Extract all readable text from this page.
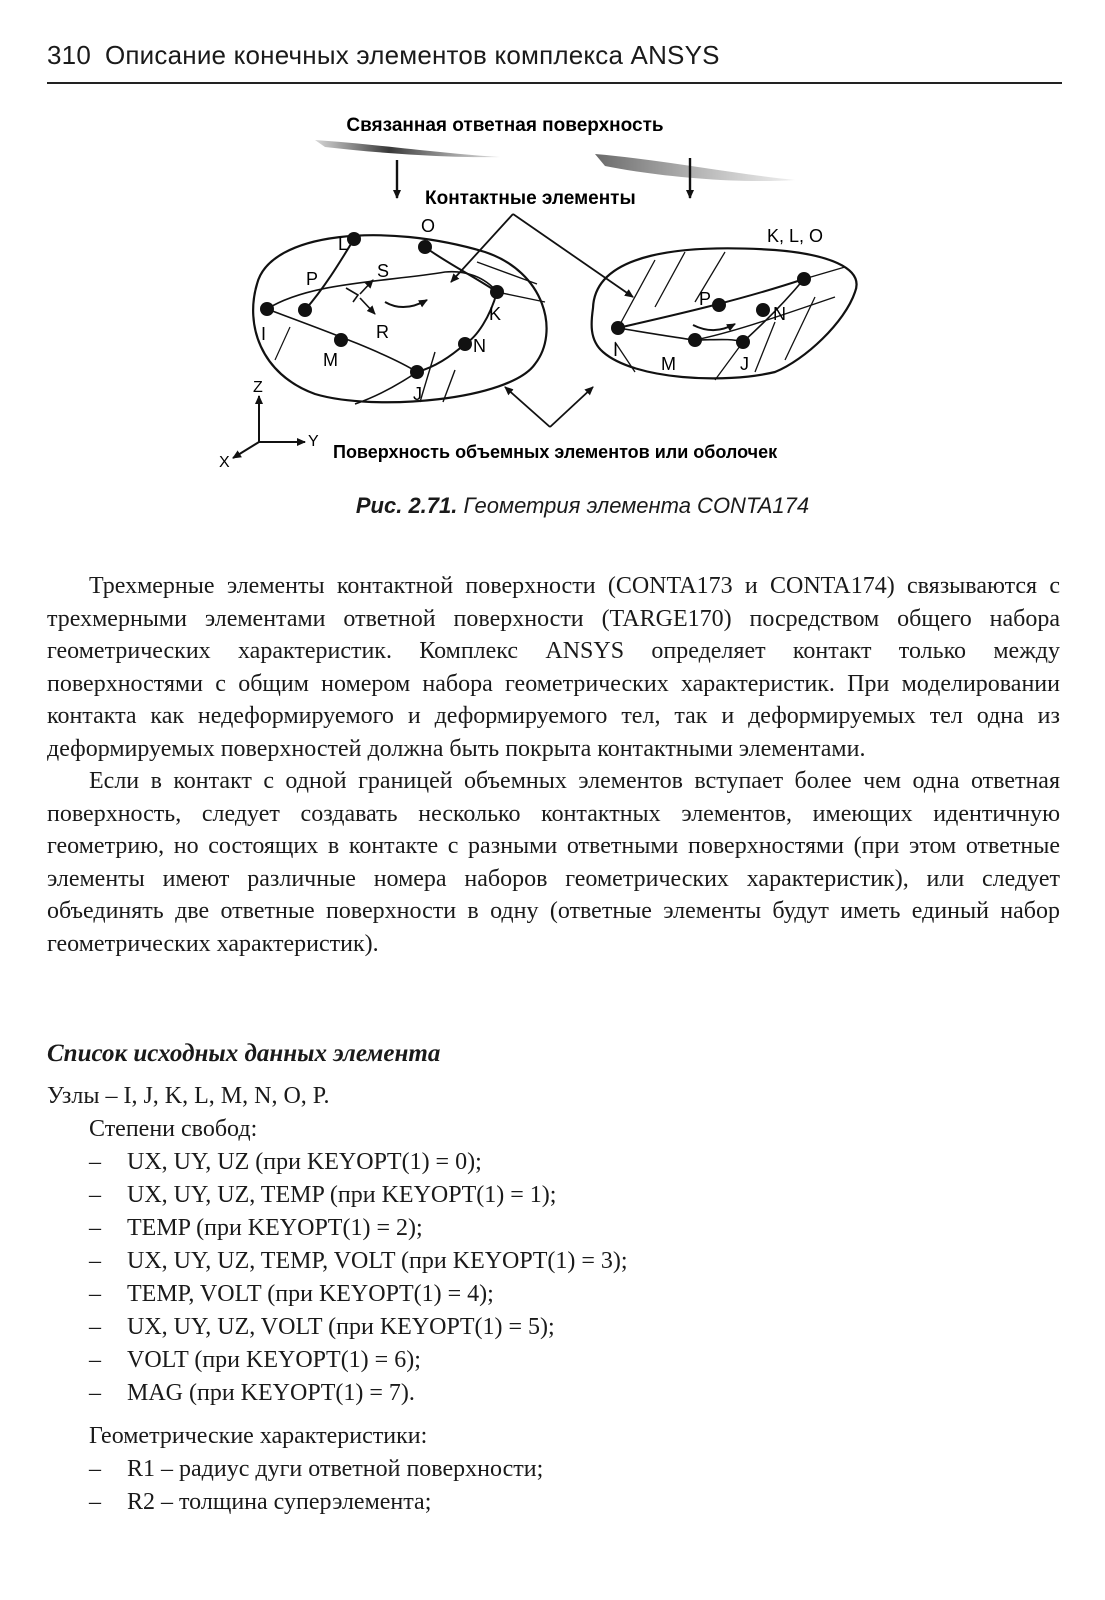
310 Описание конечных элементов комплекса ANSYS
Связанная ответная поверхность
Контактные элементы
I
L
O
P	S
R
M
K
N
J
K, L, O
P
N
I
M	J
Z
Y
X
Поверхность объемных элементов или оболочек
Рис. 2.71. Геометрия элемента CONTA174

Трехмерные элементы контактной поверхности (CONTA173 и CONTA174) связываются с трехмерными элементами ответной поверхности (TARGE170) посредством общего набора геометрических характеристик. Комплекс ANSYS определяет контакт только между поверхностями с общим номером набора геометрических характеристик. При моделировании контакта как недеформируемого и деформируемого тел, так и деформируемых тел одна из деформируемых поверхностей должна быть покрыта контактными элементами.

Если в контакт с одной границей объемных элементов вступает более чем одна ответная поверхность, следует создавать несколько контактных элементов, имеющих идентичную геометрию, но состоящих в контакте с разными ответными поверхностями (при этом ответные элементы имеют различные номера наборов геометрических характеристик), или следует объединять две ответные поверхности в одну (ответные элементы будут иметь единый набор геометрических характеристик).

Список исходных данных элемента
Узлы – I, J, K, L, M, N, O, P.
Степени свобод:
– UX, UY, UZ (при KEYOPT(1) = 0);
– UX, UY, UZ, TEMP (при KEYOPT(1) = 1);
– TEMP (при KEYOPT(1) = 2);
– UX, UY, UZ, TEMP, VOLT (при KEYOPT(1) = 3);
– TEMP, VOLT (при KEYOPT(1) = 4);
– UX, UY, UZ, VOLT (при KEYOPT(1) = 5);
– VOLT (при KEYOPT(1) = 6);
– MAG (при KEYOPT(1) = 7).
Геометрические характеристики:
– R1 – радиус дуги ответной поверхности;
– R2 – толщина суперэлемента;
